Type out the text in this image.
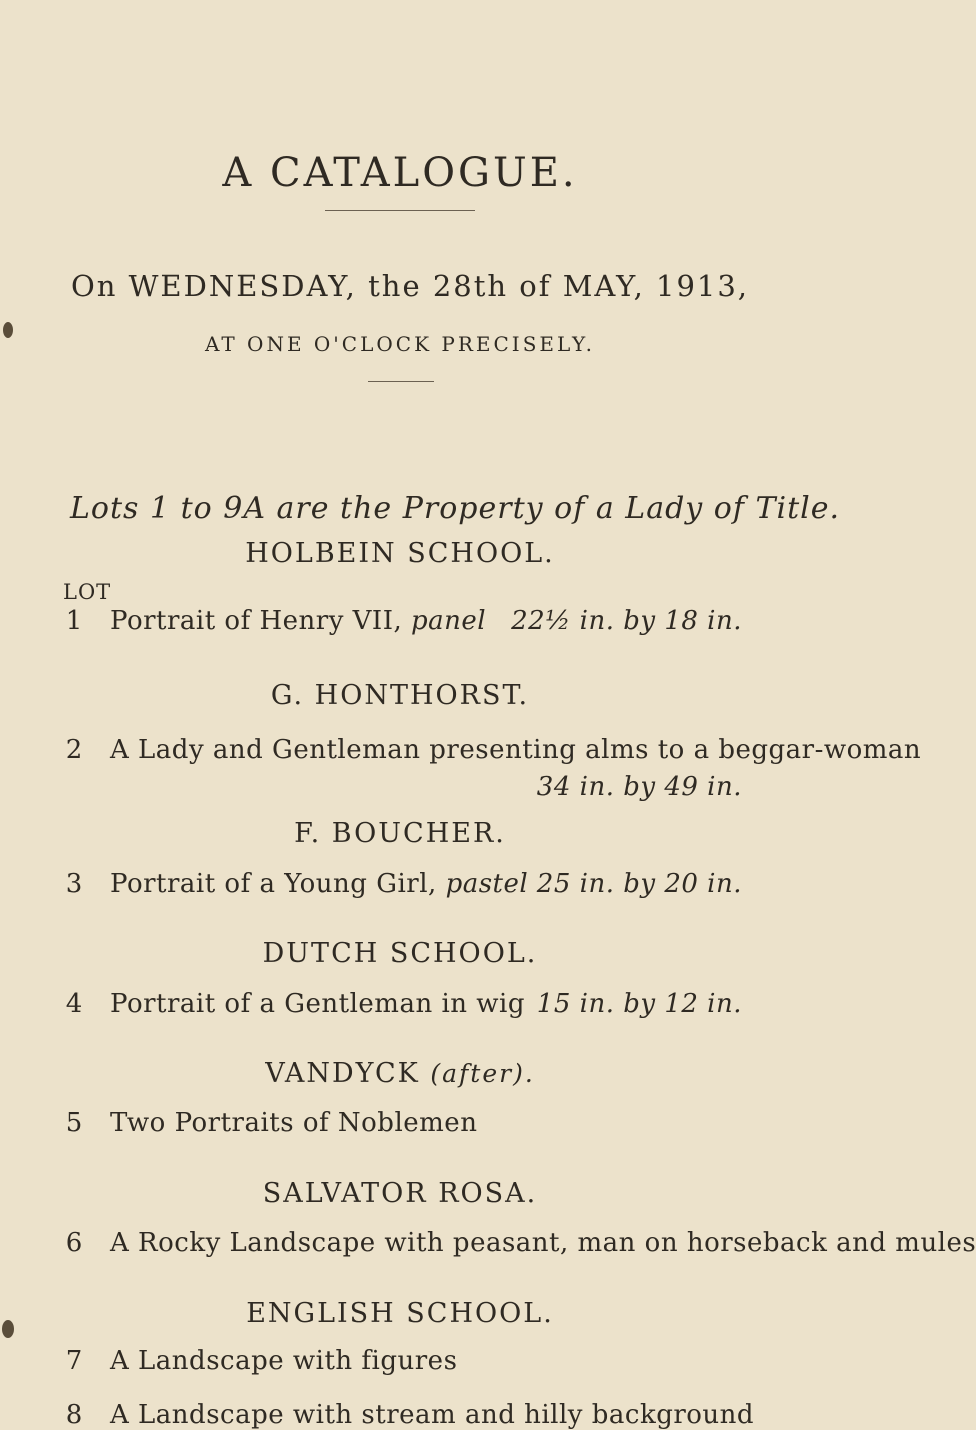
A CATALOGUE.
On WEDNESDAY, the 28th of MAY, 1913,
AT ONE O'CLOCK PRECISELY.
Lots 1 to 9A are the Property of a Lady of Title.
LOT
HOLBEIN SCHOOL.
1 Portrait of Henry VII, panel 22½ in. by 18 in.
G. HONTHORST.
2 A Lady and Gentleman presenting alms to a beggar-woman
34 in. by 49 in.
F. BOUCHER.
3 Portrait of a Young Girl, pastel 25 in. by 20 in.
DUTCH SCHOOL.
4 Portrait of a Gentleman in wig 15 in. by 12 in.
VANDYCK (after).
5 Two Portraits of Noblemen
SALVATOR ROSA.
6 A Rocky Landscape with peasant, man on horseback and mules
ENGLISH SCHOOL.
7 A Landscape with figures
8 A Landscape with stream and hilly background
